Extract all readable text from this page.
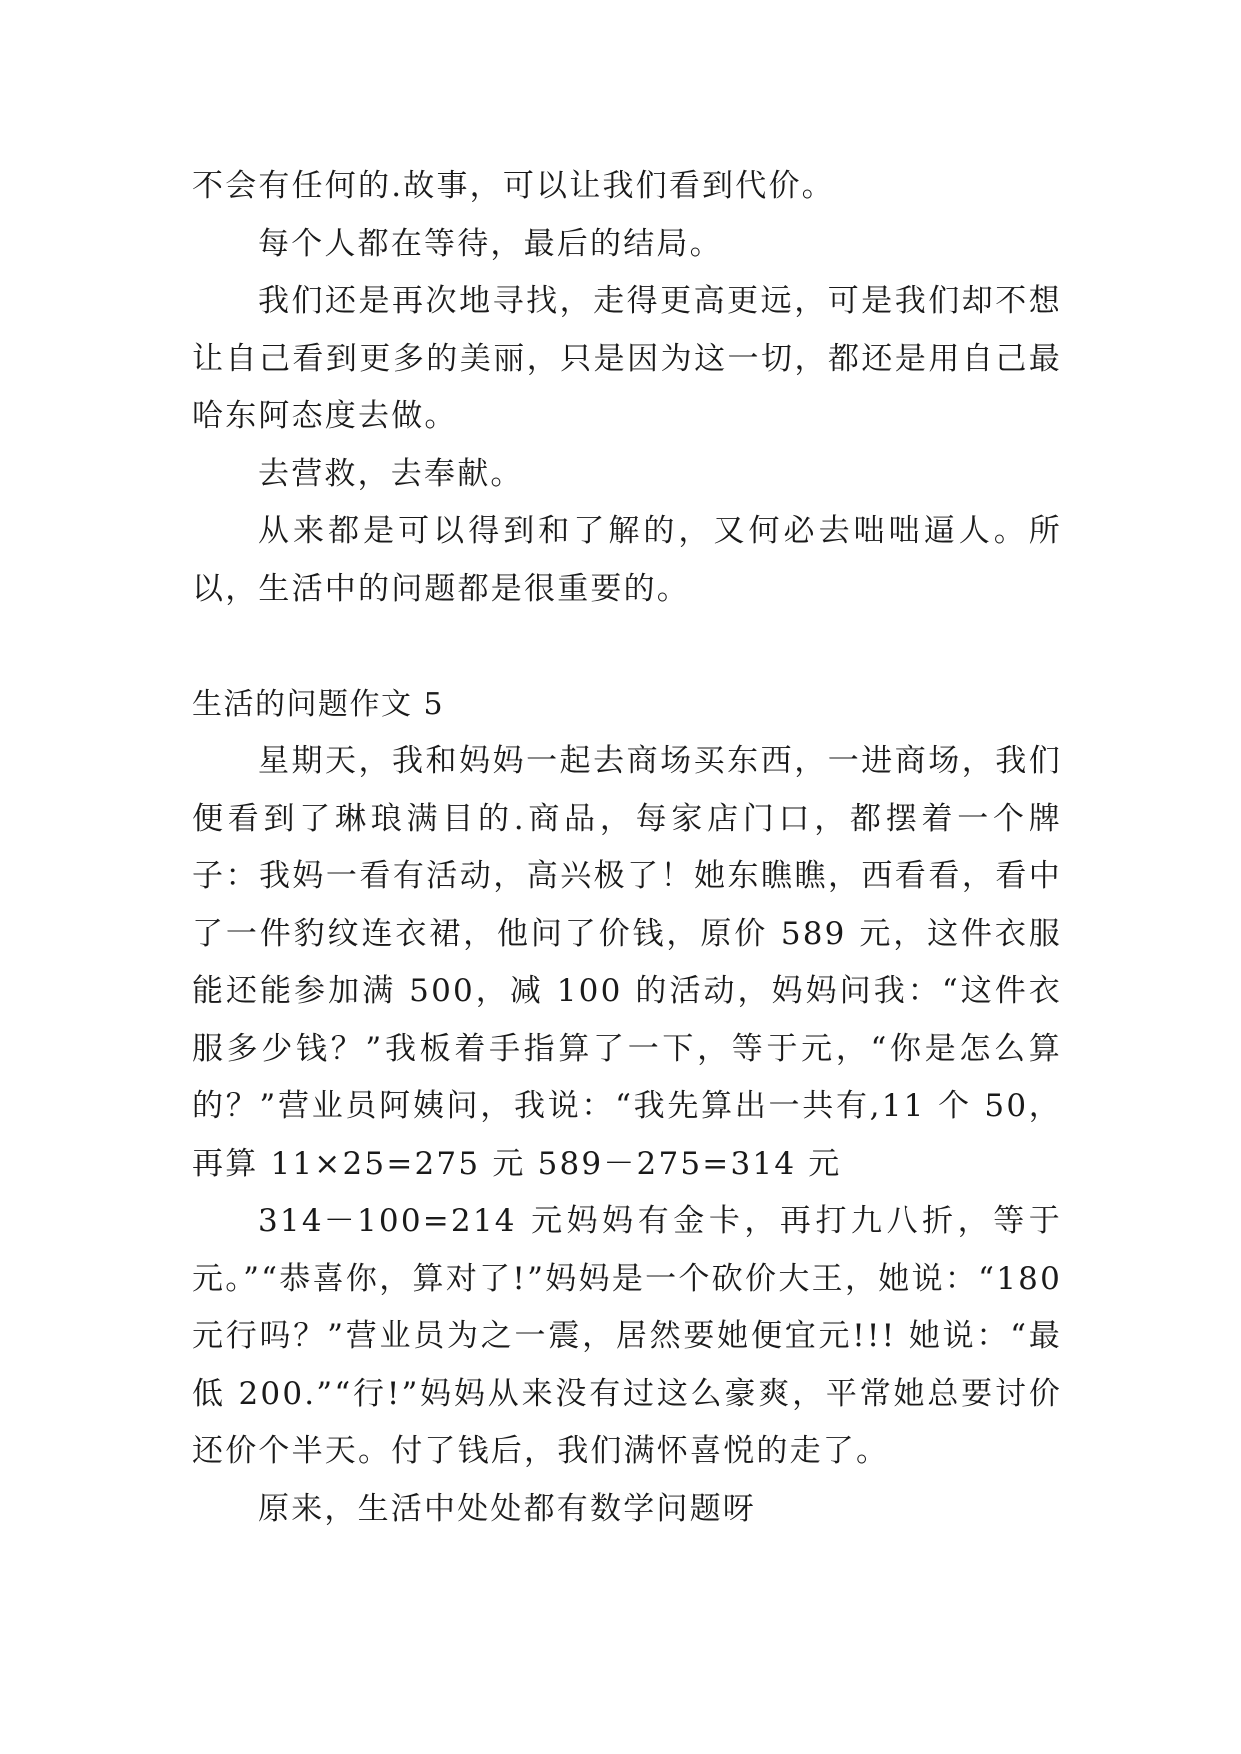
不会有任何的.故事，可以让我们看到代价。

每个人都在等待，最后的结局。

我们还是再次地寻找，走得更高更远，可是我们却不想让自己看到更多的美丽，只是因为这一切，都还是用自己最哈东阿态度去做。

去营救，去奉献。

从来都是可以得到和了解的，又何必去咄咄逼人。所以，生活中的问题都是很重要的。

生活的问题作文 5

星期天，我和妈妈一起去商场买东西，一进商场，我们便看到了琳琅满目的.商品，每家店门口，都摆着一个牌子：我妈一看有活动，高兴极了！她东瞧瞧，西看看，看中了一件豹纹连衣裙，他问了价钱，原价 589 元，这件衣服能还能参加满 500，减 100 的活动，妈妈问我：“这件衣服多少钱？”我板着手指算了一下，等于元，“你是怎么算的？”营业员阿姨问，我说：“我先算出一共有,11 个 50，再算 11×25=275 元 589－275=314 元

314－100=214 元妈妈有金卡，再打九八折，等于元。”“恭喜你，算对了!”妈妈是一个砍价大王，她说：“180 元行吗？”营业员为之一震，居然要她便宜元!!! 她说：“最低 200.”“行!”妈妈从来没有过这么豪爽，平常她总要讨价还价个半天。付了钱后，我们满怀喜悦的走了。

原来，生活中处处都有数学问题呀
